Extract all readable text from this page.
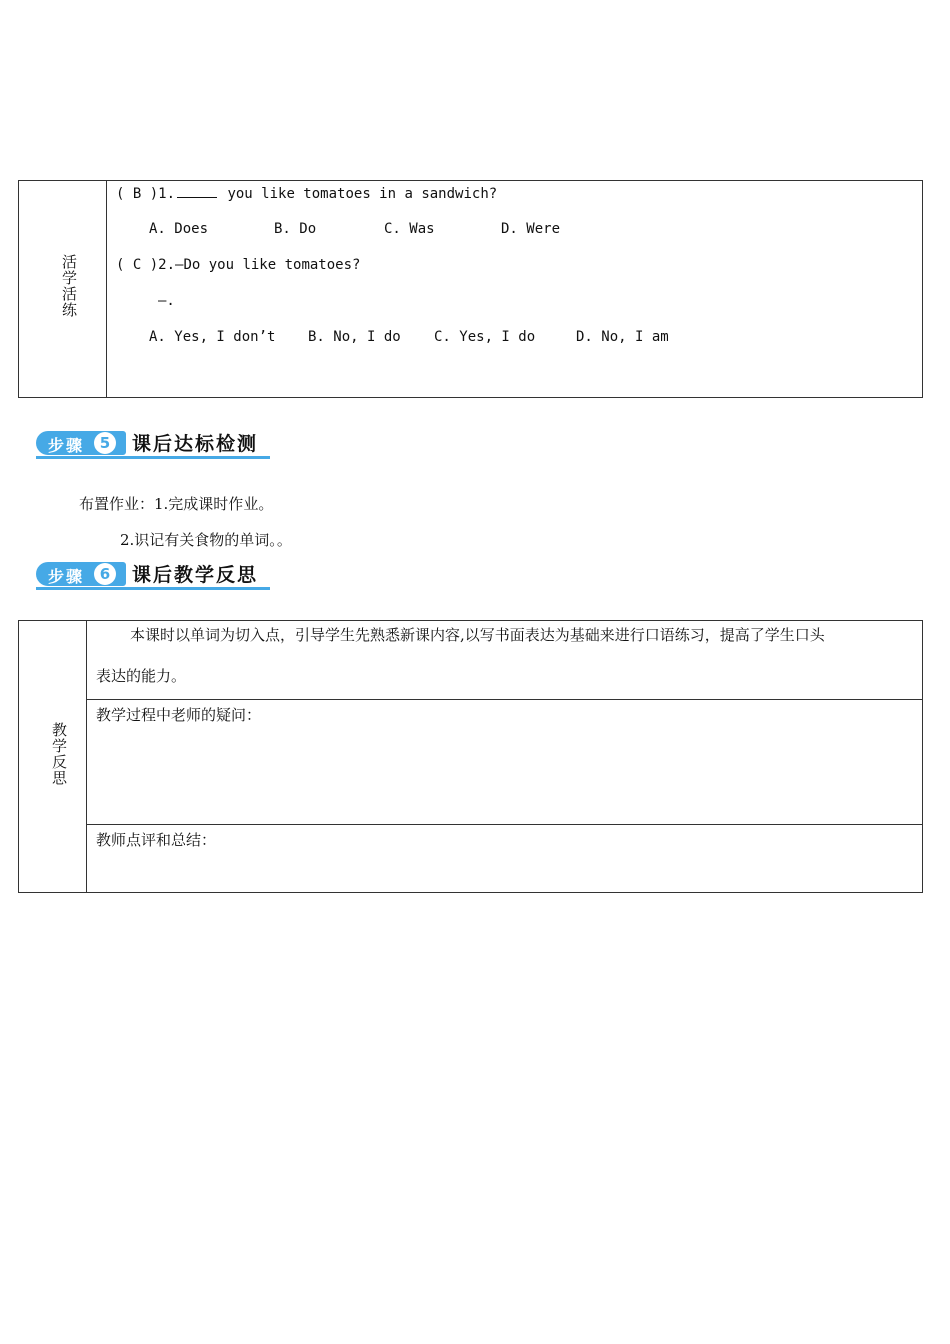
活学活练
( B )1.	you like tomatoes in a sandwich?
A. Does	B. Do	C. Was	D. Were
( C )2.—Do you like tomatoes?
—.
A. Yes, I don’t B. No, I do C. Yes, I do	D. No, I am
步骤	5	课后达标检测
布置作业：1.完成课时作业。
2.识记有关食物的单词。。
步骤	6	课后教学反思
教学反思
本课时以单词为切入点，引导学生先熟悉新课内容,以写书面表达为基础来进行口语练习，提高了学生口头
表达的能力。
教学过程中老师的疑问：
教师点评和总结：
